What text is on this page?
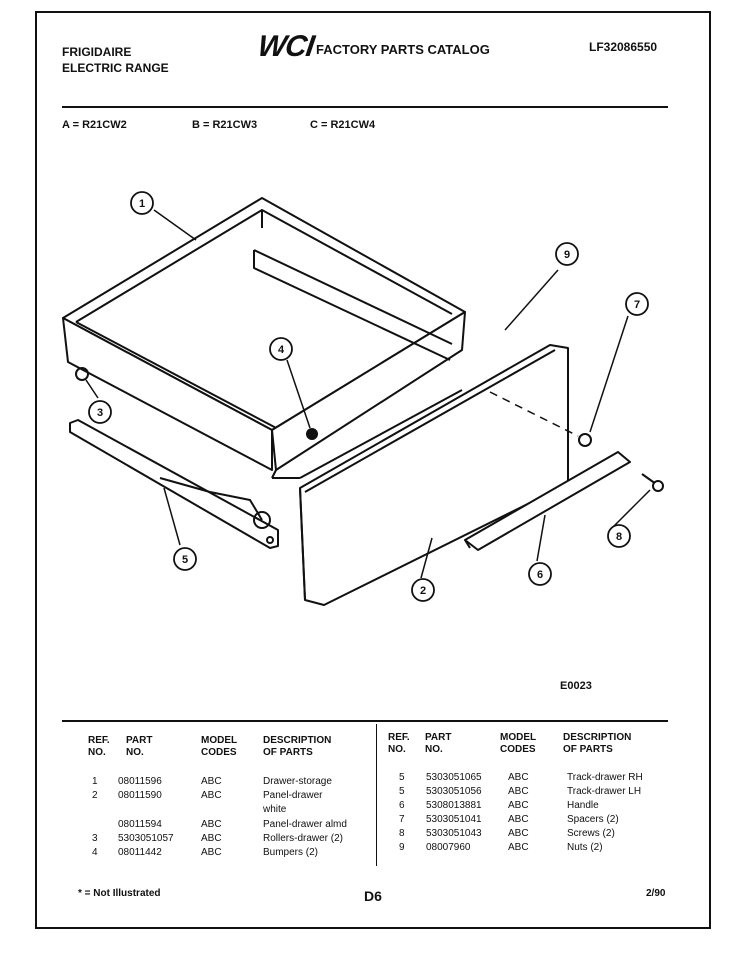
FRIGIDAIRE
ELECTRIC RANGE
WCI FACTORY PARTS CATALOG	LF32086550
A = R21CW2	B = R21CW3	C = R21CW4
1
2
3
4
5
6
7
8
9
E0023
REF.
NO.
PART
NO.
MODEL
CODES
DESCRIPTION
OF PARTS
REF.
NO.
PART
NO.
MODEL
CODES
DESCRIPTION
OF PARTS
1 08011596	ABC	Drawer-storage
2 08011590	ABC	Panel-drawer
white
08011594	ABC	Panel-drawer almd
3 5303051057	ABC	Rollers-drawer (2)
4 08011442	ABC	Bumpers (2)
5 5303051065	ABC	Track-drawer RH
5 5303051056	ABC	Track-drawer LH
6 5308013881	ABC	Handle
7 5303051041	ABC	Spacers (2)
8 5303051043	ABC	Screws (2)
9 08007960	ABC	Nuts (2)
* = Not Illustrated	D6	2/90
